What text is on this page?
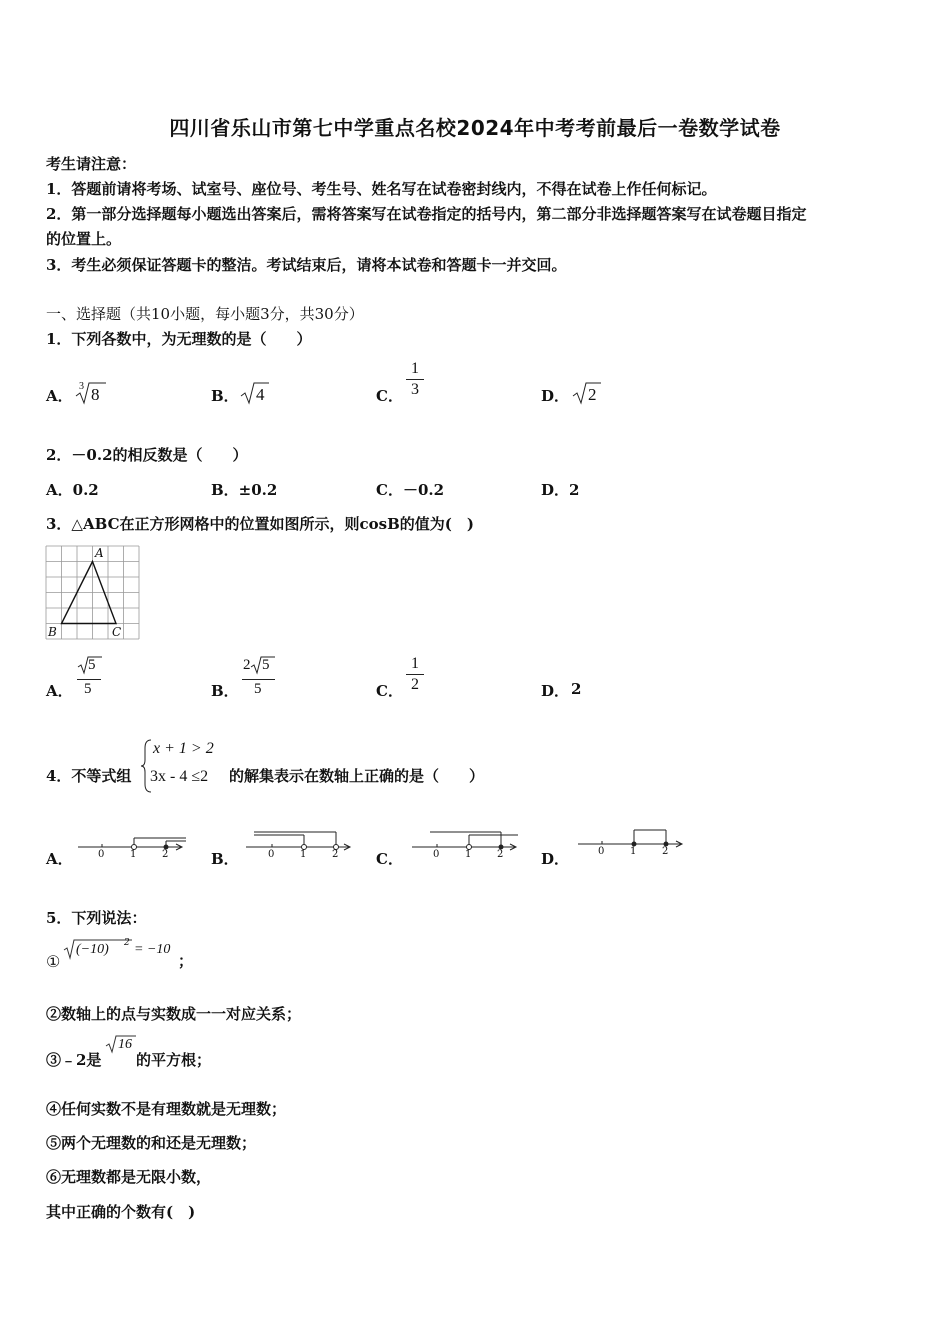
四川省乐山市第七中学重点名校2024年中考考前最后一卷数学试卷
考生请注意：
1．答题前请将考场、试室号、座位号、考生号、姓名写在试卷密封线内，不得在试卷上作任何标记。
2．第一部分选择题每小题选出答案后，需将答案写在试卷指定的括号内，第二部分非选择题答案写在试卷题目指定
的位置上。
3．考生必须保证答题卡的整洁。考试结束后，请将本试卷和答题卡一并交回。
一、选择题（共10小题，每小题3分，共30分）
1．下列各数中，为无理数的是（　　）
A．
3 8	B． 4	C．
1
3	D． 2
2．－0.2的相反数是（　　）
A．0.2	B．±0.2	C．－0.2	D．2
3．△ABC在正方形网格中的位置如图所示，则cosB的值为(　)
A
B	C
A．
5
5	B．
2 5
5	C．
1
2	D． 2
4．不等式组
x + 1 > 2
3x - 4 ≤2 的解集表示在数轴上正确的是（　　）
A．	0	1	2	B．	0	1	2	C．	0	1	2	D．	0	1	2
5．下列说法：
①
(−10) 2 = −10
；
②数轴上的点与实数成一一对应关系；
③﹣2是
16
的平方根；
④任何实数不是有理数就是无理数；
⑤两个无理数的和还是无理数；
⑥无理数都是无限小数，
其中正确的个数有(　)
